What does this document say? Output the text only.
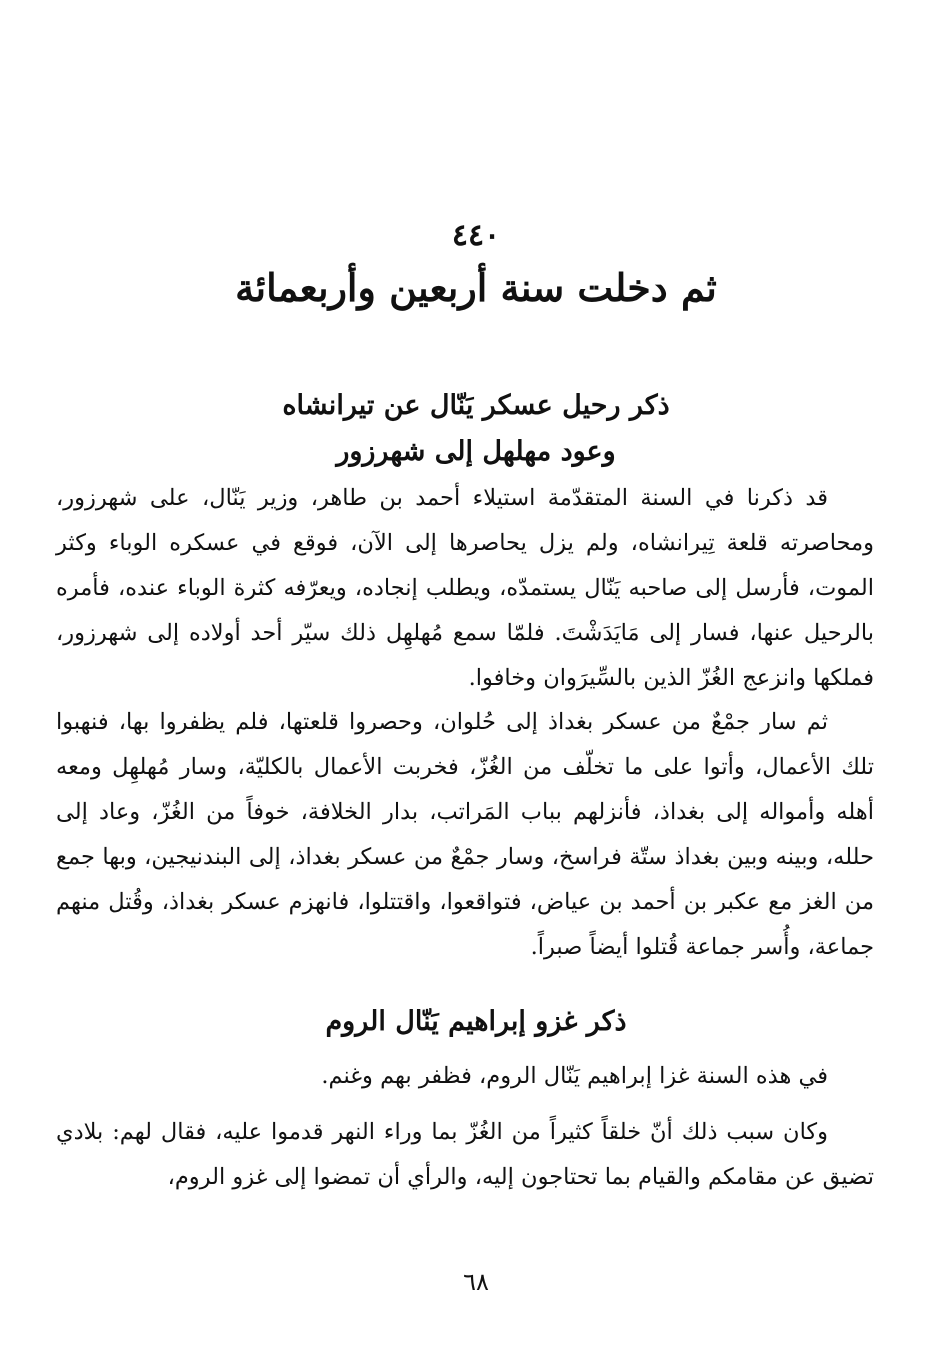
٤٤٠
ثم دخلت سنة أربعين وأربعمائة
ذكر رحيل عسكر يَنّال عن تيرانشاه
وعود مهلهل إلى شهرزور
قد ذكرنا في السنة المتقدّمة استيلاء أحمد بن طاهر، وزير يَنّال، على شهرزور، ومحاصرته قلعة تِيرانشاه، ولم يزل يحاصرها إلى الآن، فوقع في عسكره الوباء وكثر الموت، فأرسل إلى صاحبه يَنّال يستمدّه، ويطلب إنجاده، ويعرّفه كثرة الوباء عنده، فأمره بالرحيل عنها، فسار إلى مَايَدَشْتَ. فلمّا سمع مُهلهِل ذلك سيّر أحد أولاده إلى شهرزور، فملكها وانزعج الغُزّ الذين بالسِّيرَوان وخافوا.
ثم سار جمْعٌ من عسكر بغداذ إلى حُلوان، وحصروا قلعتها، فلم يظفروا بها، فنهبوا تلك الأعمال، وأتوا على ما تخلّف من الغُزّ، فخربت الأعمال بالكليّة، وسار مُهلهِل ومعه أهله وأمواله إلى بغداذ، فأنزلهم بباب المَراتب، بدار الخلافة، خوفاً من الغُزّ، وعاد إلى حلله، وبينه وبين بغداذ ستّة فراسخ، وسار جمْعٌ من عسكر بغداذ، إلى البندنيجين، وبها جمع من الغز مع عكبر بن أحمد بن عياض، فتواقعوا، واقتتلوا، فانهزم عسكر بغداذ، وقُتل منهم جماعة، وأُسر جماعة قُتلوا أيضاً صبراً.
ذكر غزو إبراهيم يَنّال الروم
في هذه السنة غزا إبراهيم يَنّال الروم، فظفر بهم وغنم.
وكان سبب ذلك أنّ خلقاً كثيراً من الغُزّ بما وراء النهر قدموا عليه، فقال لهم: بلادي تضيق عن مقامكم والقيام بما تحتاجون إليه، والرأي أن تمضوا إلى غزو الروم،
٦٨
